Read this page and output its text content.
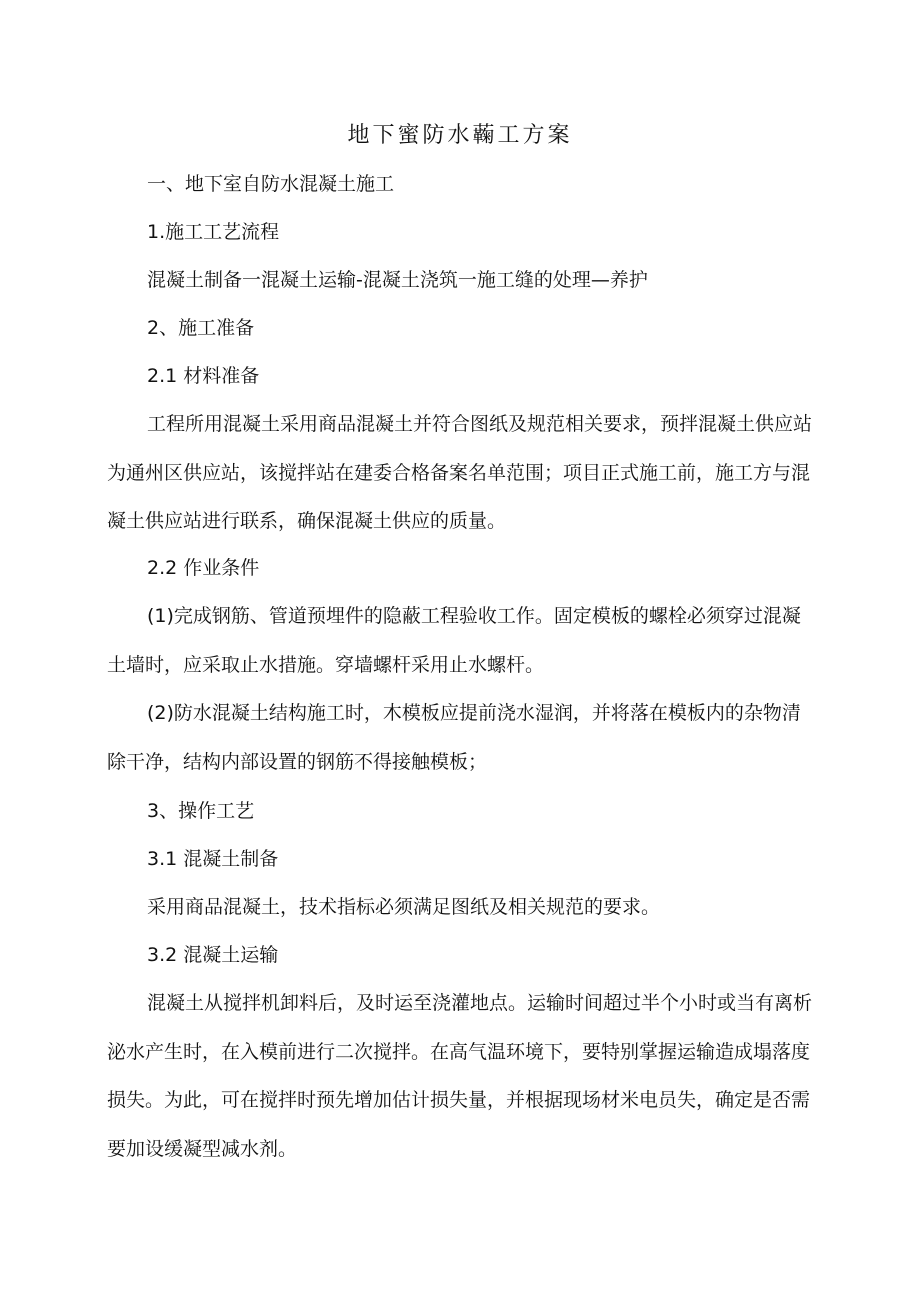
地下蜜防水蘜工方案

一、地下室自防水混凝土施工

1.施工工艺流程

混凝土制备一混凝土运输-混凝土浇筑一施工缝的处理—养护

2、施工准备

2.1 材料准备

工程所用混凝土采用商品混凝土并符合图纸及规范相关要求，预拌混凝土供应站为通州区供应站，该搅拌站在建委合格备案名单范围；项目正式施工前，施工方与混凝土供应站进行联系，确保混凝土供应的质量。

2.2 作业条件

(1)完成钢筋、管道预埋件的隐蔽工程验收工作。固定模板的螺栓必须穿过混凝土墙时，应采取止水措施。穿墙螺杆采用止水螺杆。

(2)防水混凝土结构施工时，木模板应提前浇水湿润，并将落在模板内的杂物清除干净，结构内部设置的钢筋不得接触模板；

3、操作工艺

3.1 混凝土制备

采用商品混凝土，技术指标必须满足图纸及相关规范的要求。

3.2 混凝土运输

混凝土从搅拌机卸料后，及时运至浇灌地点。运输时间超过半个小时或当有离析泌水产生时，在入模前进行二次搅拌。在高气温环境下，要特别掌握运输造成塌落度损失。为此，可在搅拌时预先增加估计损失量，并根据现场材米电员失，确定是否需要加设缓凝型减水剂。
